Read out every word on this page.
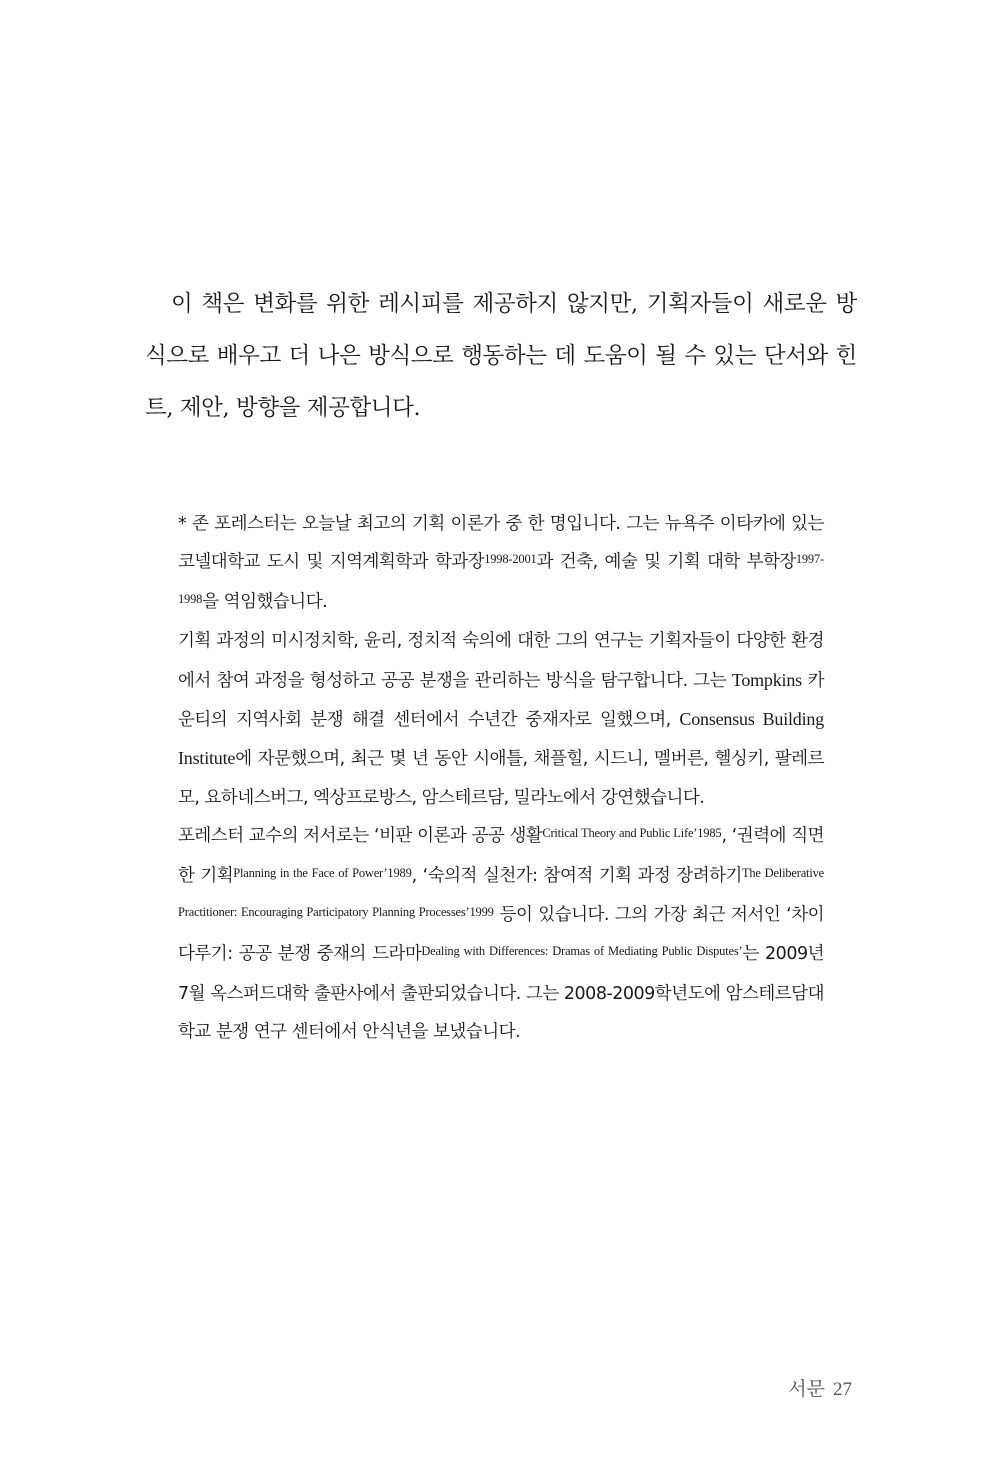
이 책은 변화를 위한 레시피를 제공하지 않지만, 기획자들이 새로운 방식으로 배우고 더 나은 방식으로 행동하는 데 도움이 될 수 있는 단서와 힌트, 제안, 방향을 제공합니다.

* 존 포레스터는 오늘날 최고의 기획 이론가 중 한 명입니다. 그는 뉴욕주 이타카에 있는 코넬대학교 도시 및 지역계획학과 학과장$^{1998-2001}$과 건축, 예술 및 기획 대학 부학장$^{1997-1998}$을 역임했습니다.

기획 과정의 미시정치학, 윤리, 정치적 숙의에 대한 그의 연구는 기획자들이 다양한 환경에서 참여 과정을 형성하고 공공 분쟁을 관리하는 방식을 탐구합니다. 그는 Tompkins 카운티의 지역사회 분쟁 해결 센터에서 수년간 중재자로 일했으며, Consensus Building Institute에 자문했으며, 최근 몇 년 동안 시애틀, 채플힐, 시드니, 멜버른, 헬싱키, 팔레르모, 요하네스버그, 엑상프로방스, 암스테르담, 밀라노에서 강연했습니다.

포레스터 교수의 저서로는 ‘비판 이론과 공공 생활$^{Critical Theory and Public Life’1985}$, ‘권력에 직면한 기획$^{Planning in the Face of Power’1989}$, ‘숙의적 실천가: 참여적 기획 과정 장려하기$^{The Deliberative Practitioner: Encouraging Participatory Planning Processes’1999}$ 등이 있습니다. 그의 가장 최근 저서인 ‘차이 다루기: 공공 분쟁 중재의 드라마$^{Dealing with Differences: Dramas of Mediating Public Disputes’}$는 2009년 7월 옥스퍼드대학 출판사에서 출판되었습니다. 그는 2008-2009학년도에 암스테르담대학교 분쟁 연구 센터에서 안식년을 보냈습니다.

서문 27
